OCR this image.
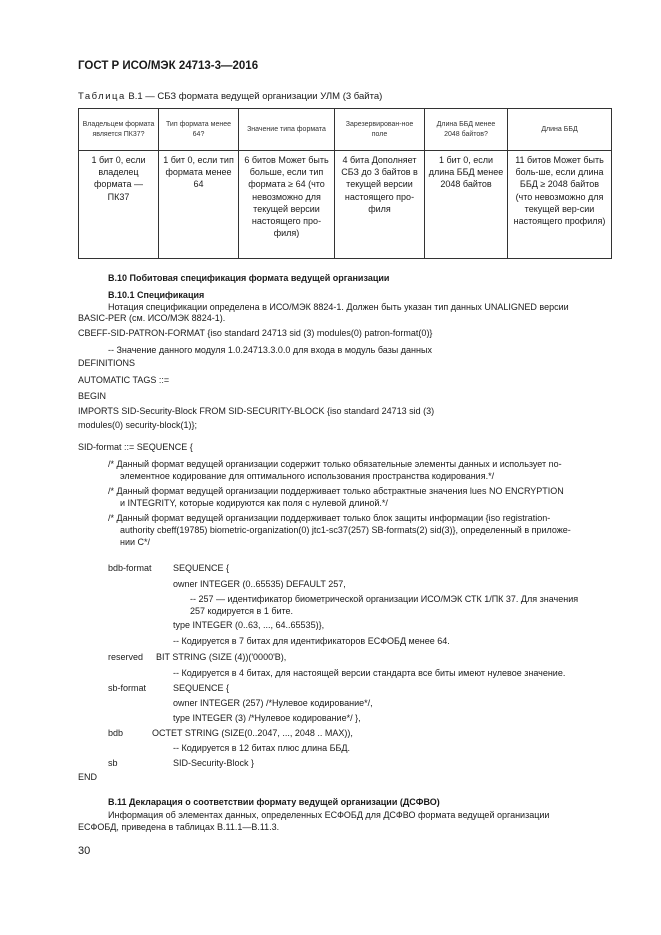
ГОСТ Р ИСО/МЭК 24713-3—2016
Таблица В.1 — СБЗ формата ведущей организации УЛМ (3 байта)
Владельцем формата является ПК37?	Тип формата менее 64?	Значение типа формата	Зарезервирован-ное поле	Длина ББД менее 2048 байтов?	Длина ББД
1 бит 0, если владелец формата — ПК37	1 бит 0, если тип формата менее 64	6 битов Может быть больше, если тип формата ≥ 64 (что невозможно для текущей версии настоящего про-филя)	4 бита Дополняет СБЗ до 3 байтов в текущей версии настоящего про-филя	1 бит 0, если длина ББД менее 2048 байтов	11 битов Может быть боль-ше, если длина ББД ≥ 2048 байтов (что невозможно для текущей вер-сии настоящего профиля)
В.10 Побитовая спецификация формата ведущей организации
В.10.1 Спецификация
Нотация спецификации определена в ИСО/МЭК 8824-1. Должен быть указан тип данных UNALIGNED версии
BASIC-PER (см. ИСО/МЭК 8824-1).
CBEFF-SID-PATRON-FORMAT {iso standard 24713 sid (3) modules(0) patron-format(0)}
-- Значение данного модуля 1.0.24713.3.0.0 для входа в модуль базы данных
DEFINITIONS
AUTOMATIC TAGS ::=
BEGIN
IMPORTS SID-Security-Block FROM SID-SECURITY-BLOCK {iso standard 24713 sid (3)
modules(0) security-block(1)};
SID-format ::= SEQUENCE {
/* Данный формат ведущей организации содержит только обязательные элементы данных и использует no-
элементное кодирование для оптимального использования пространства кодирования.*/
/* Данный формат ведущей организации поддерживает только абстрактные значения lues NO ENCRYPTION
и INTEGRITY, которые кодируются как поля с нулевой длиной.*/
/* Данный формат ведущей организации поддерживает только блок защиты информации {iso registration-
authority cbeff(19785) biometric-organization(0) jtc1-sc37(257) SB-formats(2) sid(3)}, определенный в приложе-
нии С*/
bdb-format SEQUENCE {
owner INTEGER (0..65535) DEFAULT 257,
-- 257 — идентификатор биометрической организации ИСО/МЭК СТК 1/ПК 37. Для значения
257 кодируется в 1 бите.
type INTEGER (0..63, ..., 64..65535)},
-- Кодируется в 7 битах для идентификаторов ЕСФОБД менее 64.
reserved BIT STRING (SIZE (4))('0000'B),
-- Кодируется в 4 битах, для настоящей версии стандарта все биты имеют нулевое значение.
sb-format	SEQUENCE {
owner INTEGER (257) /*Нулевое кодирование*/,
type INTEGER (3) /*Нулевое кодирование*/ },
bdb	OCTET STRING (SIZE(0..2047, ..., 2048 .. MAX)),
-- Кодируется в 12 битах плюс длина ББД.
sb	SID-Security-Block }
END
В.11 Декларация о соответствии формату ведущей организации (ДСФВО)
Информация об элементах данных, определенных ЕСФОБД для ДСФВО формата ведущей организации
ЕСФОБД, приведена в таблицах В.11.1—В.11.3.
30
